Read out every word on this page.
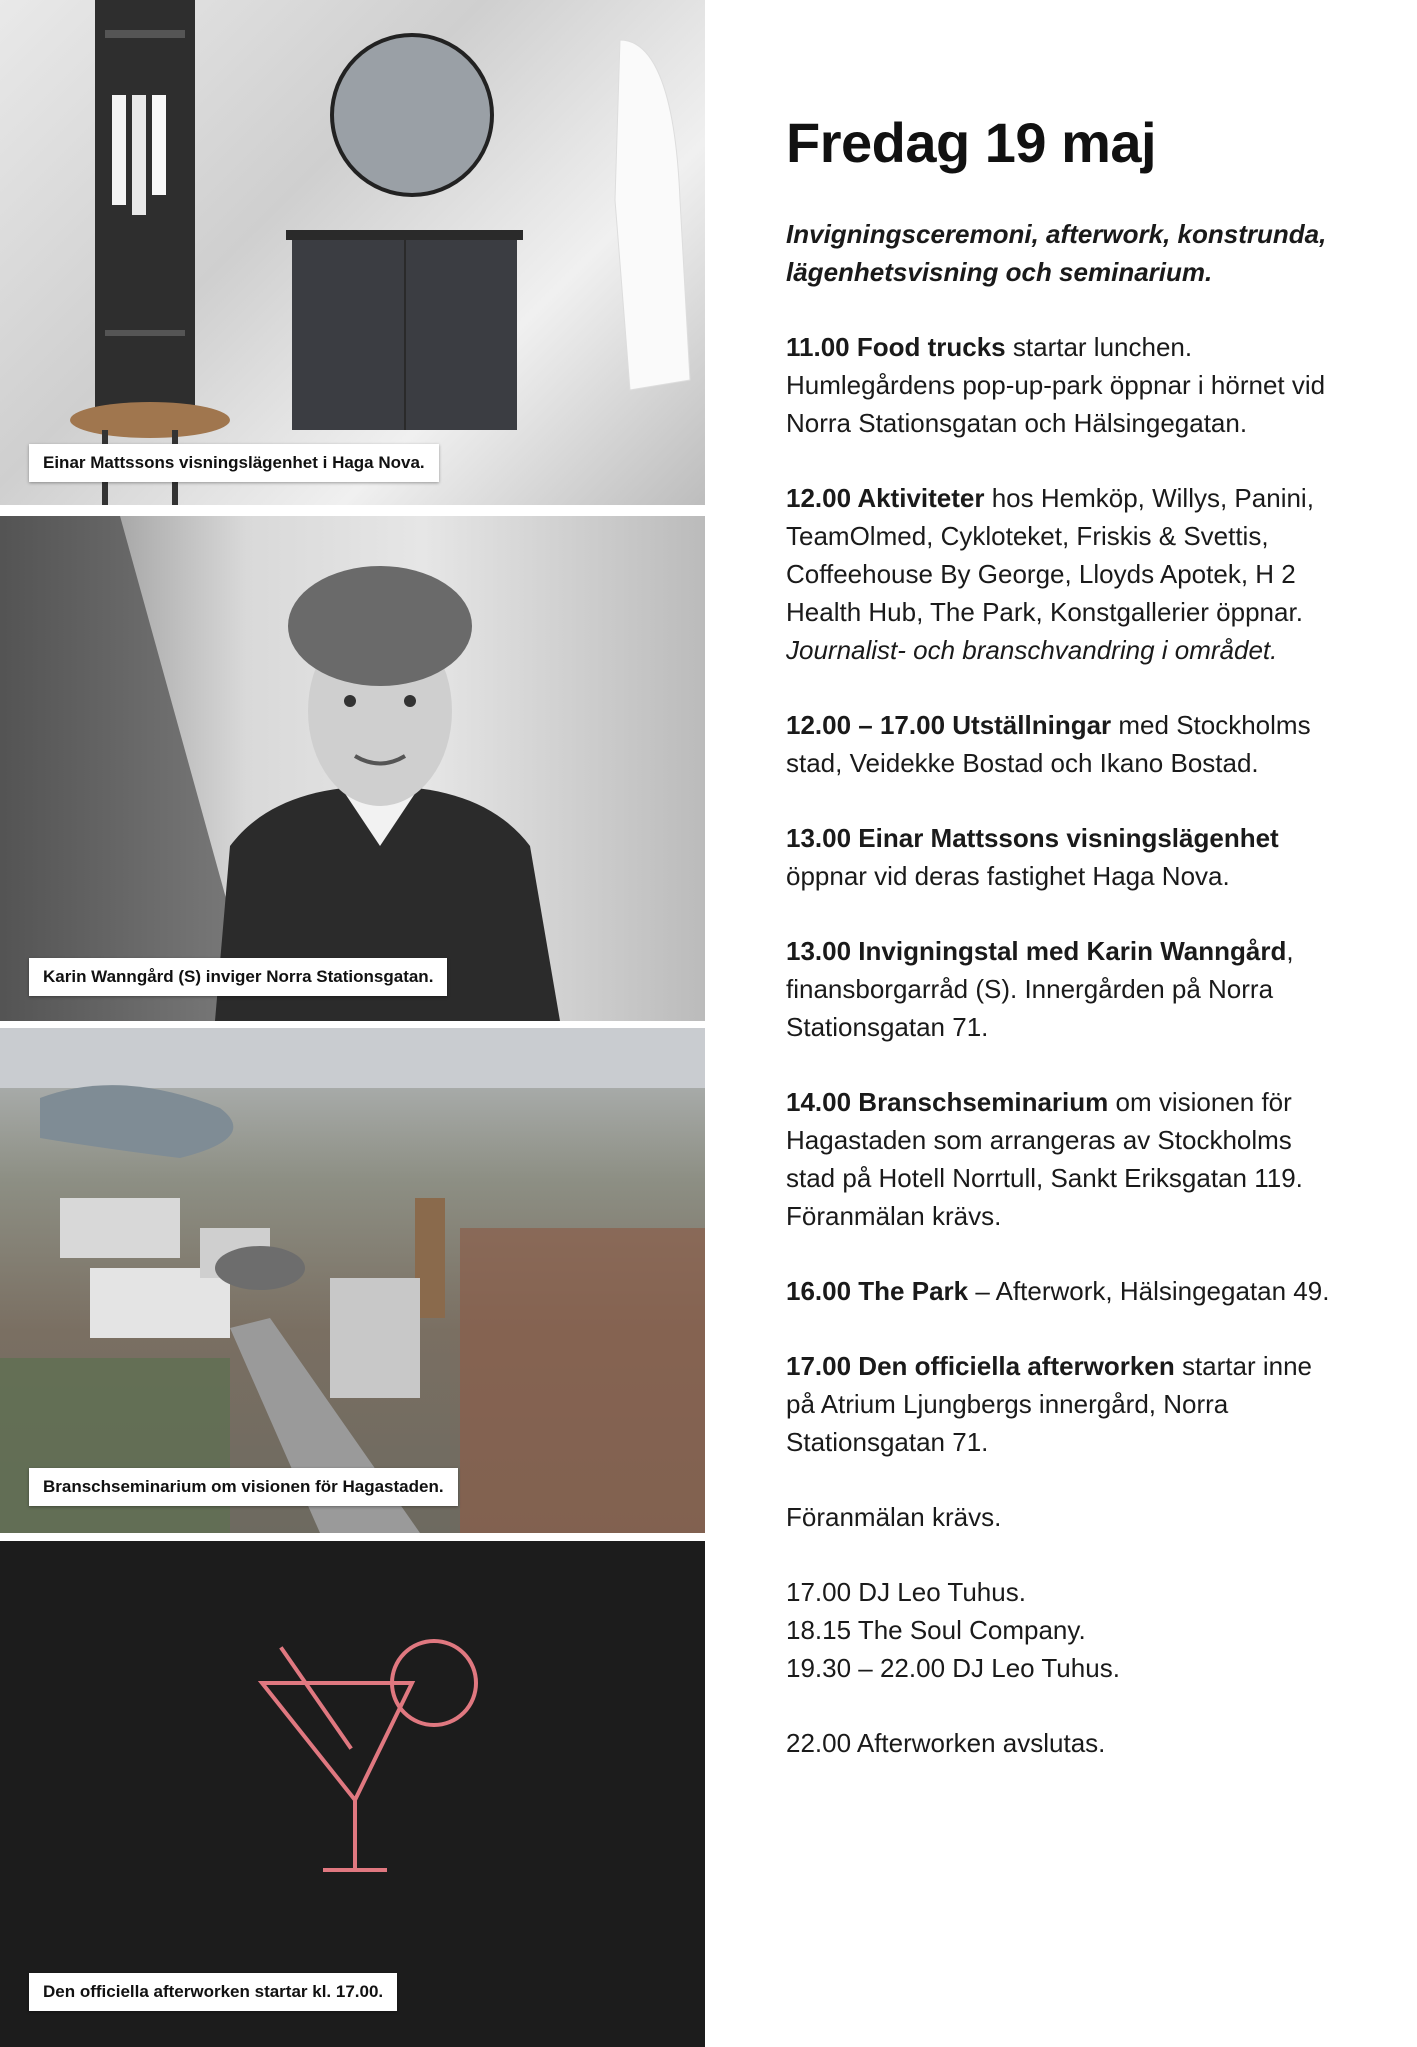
Einar Mattssons visningslägenhet i Haga Nova.
Karin Wanngård (S) inviger Norra Stationsgatan.
Branschseminarium om visionen för Hagastaden.
Den officiella afterworken startar kl. 17.00.
Fredag 19 maj

Invigningsceremoni, afterwork, konstrunda, lägenhetsvisning och seminarium.

11.00 Food trucks startar lunchen. Humlegårdens pop-up-park öppnar i hörnet vid Norra Stationsgatan och Hälsingegatan.

12.00 Aktiviteter hos Hemköp, Willys, Panini, TeamOlmed, Cykloteket, Friskis & Svettis, Coffeehouse By George, Lloyds Apotek, H 2 Health Hub, The Park, Konstgallerier öppnar. Journalist- och branschvandring i området.

12.00 – 17.00 Utställningar med Stockholms stad, Veidekke Bostad och Ikano Bostad.

13.00 Einar Mattssons visningslägenhet öppnar vid deras fastighet Haga Nova.

13.00 Invigningstal med Karin Wanngård, finansborgarråd (S). Innergården på Norra Stationsgatan 71.

14.00 Branschseminarium om visionen för Hagastaden som arrangeras av Stockholms stad på Hotell Norrtull, Sankt Eriksgatan 119. Föranmälan krävs.

16.00 The Park – Afterwork, Hälsingegatan 49.

17.00 Den officiella afterworken startar inne på Atrium Ljungbergs innergård, Norra Stationsgatan 71.

Föranmälan krävs.

17.00 DJ Leo Tuhus.
18.15 The Soul Company.
19.30 – 22.00 DJ Leo Tuhus.

22.00 Afterworken avslutas.
